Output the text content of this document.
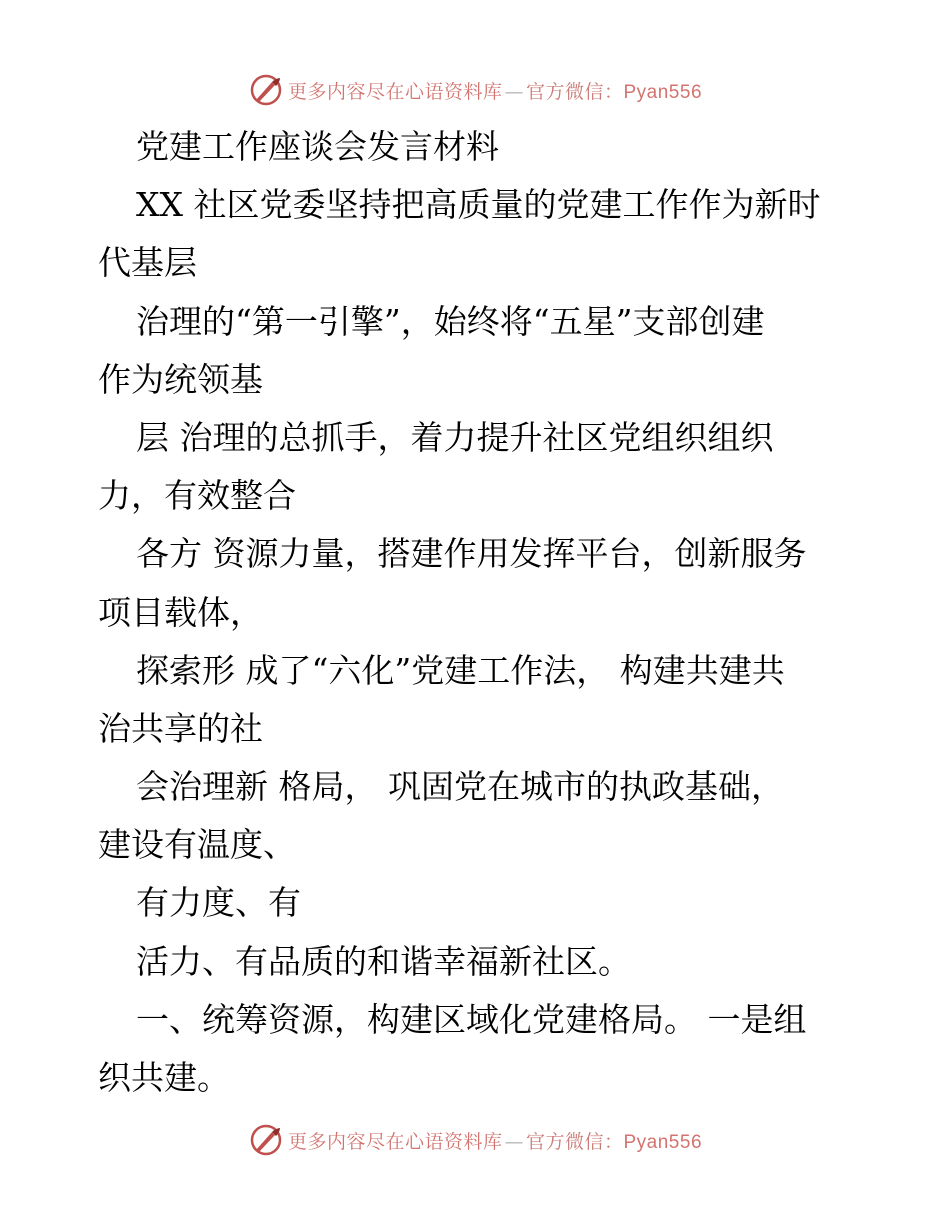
更多内容尽在心语资料库 — 官方微信：Pyan556
党建工作座谈会发言材料
XX 社区党委坚持把高质量的党建工作作为新时
代基层
治理的“第一引擎”，始终将“五星”支部创建
作为统领基
层 治理的总抓手，着力提升社区党组织组织
力，有效整合
各方 资源力量，搭建作用发挥平台，创新服务
项目载体，
探索形 成了“六化”党建工作法， 构建共建共
治共享的社
会治理新 格局， 巩固党在城市的执政基础，
建设有温度、
有力度、有
活力、有品质的和谐幸福新社区。
一、统筹资源，构建区域化党建格局。 一是组
织共建。
更多内容尽在心语资料库 — 官方微信：Pyan556
